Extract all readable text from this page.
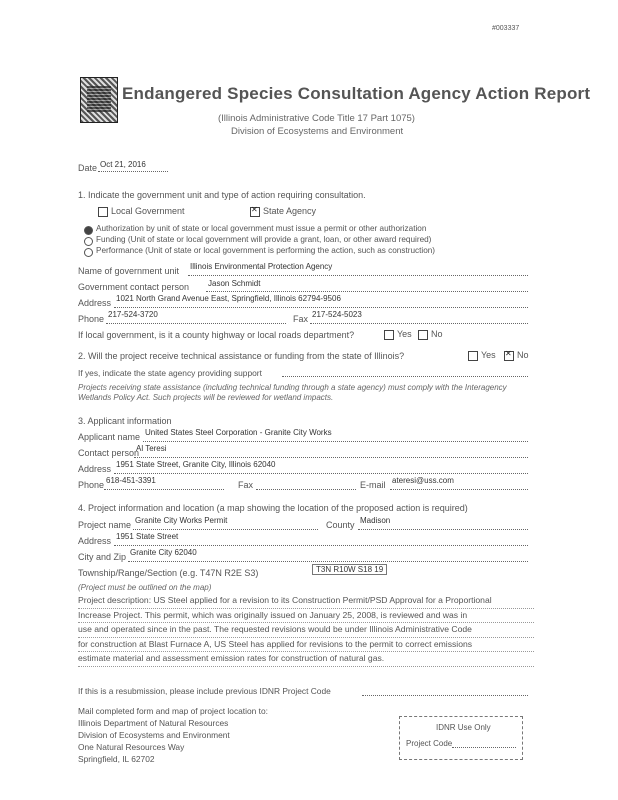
#003337
Endangered Species Consultation Agency Action Report
(Illinois Administrative Code Title 17 Part 1075)
Division of Ecosystems and Environment
Date Oct 21, 2016
1. Indicate the government unit and type of action requiring consultation.
Local Government ✕	State Agency
Authorization by unit of state or local government must issue a permit or other authorization
Funding (Unit of state or local government will provide a grant, loan, or other award required)
Performance (Unit of state or local government is performing the action, such as construction)
Name of government unit Illinois Environmental Protection Agency
Government contact person Jason Schmidt
Address 1021 North Grand Avenue East, Springfield, Illinois 62794-9506
Phone 217-524-3720	Fax 217-524-5023
If local government, is it a county highway or local roads department?	Yes	No
2. Will the project receive technical assistance or funding from the state of Illinois?	Yes ✕	No
If yes, indicate the state agency providing support
Projects receiving state assistance (including technical funding through a state agency) must comply with the Interagency
Wetlands Policy Act. Such projects will be reviewed for wetland impacts.
3. Applicant information
Applicant name United States Steel Corporation - Granite City Works
Contact person
Al Teresi
Address 1951 State Street, Granite City, Illinois 62040
Phone 618-451-3391	Fax	E-mail ateresi@uss.com
4. Project information and location (a map showing the location of the proposed action is required)
Project name Granite City Works Permit	County Madison
Address 1951 State Street
City and Zip Granite City 62040
Township/Range/Section (e.g. T47N R2E S3)	T3N R10W S18 19
(Project must be outlined on the map)
Project description: US Steel applied for a revision to its Construction Permit/PSD Approval for a Proportional
Increase Project. This permit, which was originally issued on January 25, 2008, is reviewed and was in
use and operated since in the past. The requested revisions would be under Illinois Administrative Code
for construction at Blast Furnace A, US Steel has applied for revisions to the permit to correct emissions
estimate material and assessment emission rates for construction of natural gas.
If this is a resubmission, please include previous IDNR Project Code
Mail completed form and map of project location to:
Illinois Department of Natural Resources
Division of Ecosystems and Environment
One Natural Resources Way
Springfield, IL 62702
IDNR Use Only
Project Code
